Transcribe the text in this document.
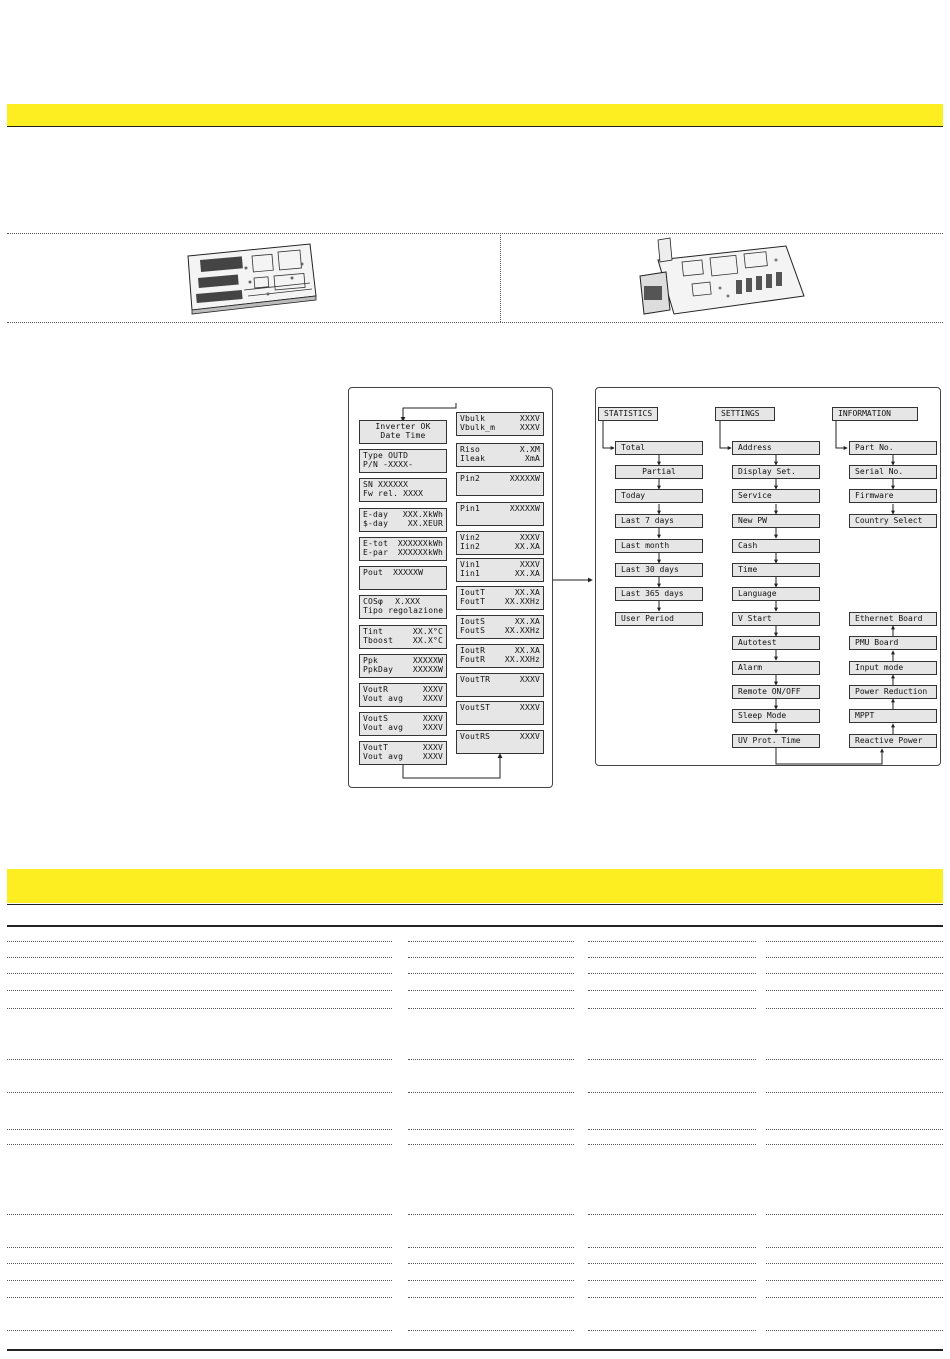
Inverter OK
Date Time
Type OUTD
P/N -XXXX-
SN XXXXXX
Fw rel. XXXX
E-day XXX.XkWh
$-day XX.XEUR
E-tot XXXXXXkWh
E-par XXXXXXkWh
Pout XXXXXW
COSφ X.XXX
Tipo regolazione
Tint	XX.X°C
Tboost XX.X°C
Ppk	XXXXXW
PpkDay XXXXXW
VoutR	XXXV
Vout avg XXXV
VoutS	XXXV
Vout avg XXXV
VoutT	XXXV
Vout avg XXXV
Vbulk	XXXV
Vbulk_m	XXXV
Riso	X.XM
Ileak	XmA
Pin2	XXXXXW
Pin1	XXXXXW
Vin2	XXXV
Iin2	XX.XA
Vin1	XXXV
Iin1	XX.XA
IoutT	XX.XA
FoutT XX.XXHz
IoutS	XX.XA
FoutS XX.XXHz
IoutR	XX.XA
FoutR XX.XXHz
VoutTR	XXXV
VoutST	XXXV
VoutRS	XXXV
STATISTICS	SETTINGS	INFORMATION
Total
Partial
Today
Last 7 days
Last month
Last 30 days
Last 365 days
User Period
Address
Display Set.
Service
New PW
Cash
Time
Language
V Start
Autotest
Alarm
Remote ON/OFF
Sleep Mode
UV Prot. Time
Part No.
Serial No.
Firmware
Country Select
Ethernet Board
PMU Board
Input mode
Power Reduction
MPPT
Reactive Power
